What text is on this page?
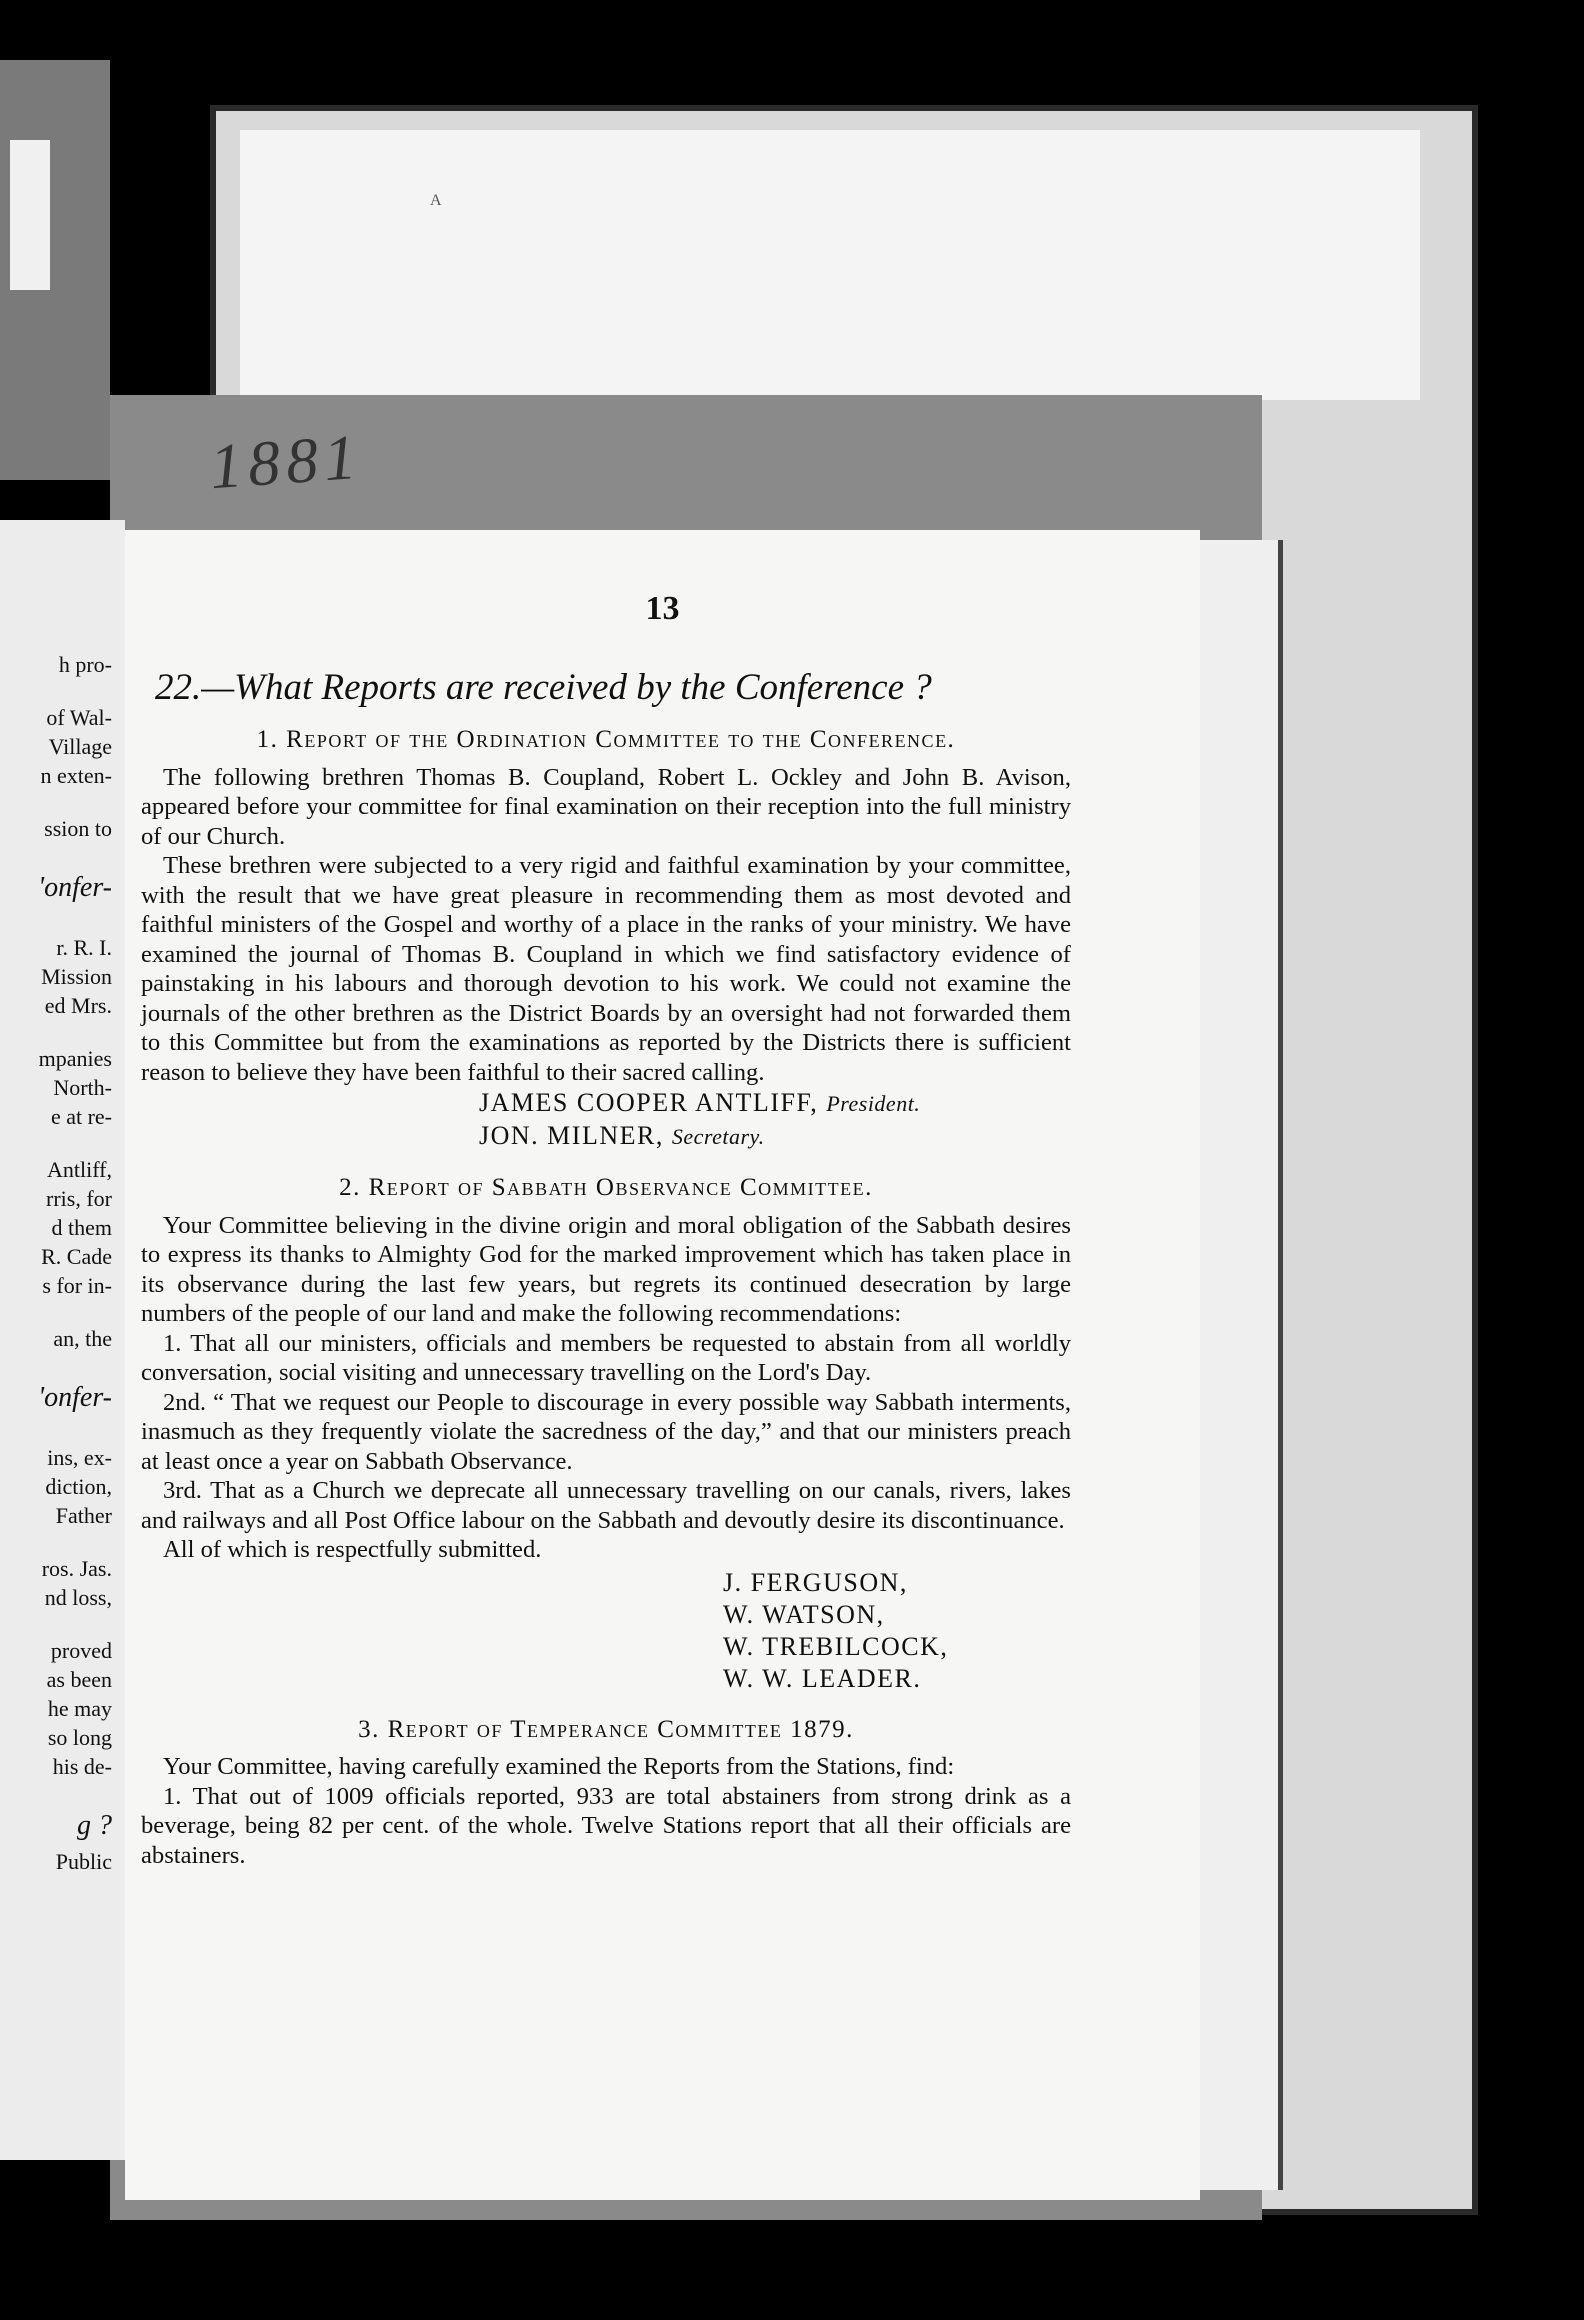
1881
A
h pro-
of Wal-
Village
n exten-
ssion to
'onfer-
r. R. I.
Mission
ed Mrs.
mpanies
North-
e at re-
Antliff,
rris, for
d them
R. Cade
s for in-
an, the
'onfer-
ins, ex-
diction,
Father
ros. Jas.
nd loss,
proved
as been
he may
so long
his de-
g ?
Public
13
22.—What Reports are received by the Conference ?
1. Report of the Ordination Committee to the Conference.

The following brethren Thomas B. Coupland, Robert L. Ockley and John B. Avison, appeared before your committee for final examination on their reception into the full ministry of our Church.

These brethren were subjected to a very rigid and faithful examination by your committee, with the result that we have great pleasure in recommending them as most devoted and faithful ministers of the Gospel and worthy of a place in the ranks of your ministry. We have examined the journal of Thomas B. Coupland in which we find satisfactory evidence of painstaking in his labours and thorough devotion to his work. We could not examine the journals of the other brethren as the District Boards by an oversight had not forwarded them to this Committee but from the examinations as reported by the Districts there is sufficient reason to believe they have been faithful to their sacred calling.

JAMES COOPER ANTLIFF, President.
JON. MILNER, Secretary.
2. Report of Sabbath Observance Committee.

Your Committee believing in the divine origin and moral obligation of the Sabbath desires to express its thanks to Almighty God for the marked improvement which has taken place in its observance during the last few years, but regrets its continued desecration by large numbers of the people of our land and make the following recommendations:

1. That all our ministers, officials and members be requested to abstain from all worldly conversation, social visiting and unnecessary travelling on the Lord's Day.

2nd. “ That we request our People to discourage in every possible way Sabbath interments, inasmuch as they frequently violate the sacredness of the day,” and that our ministers preach at least once a year on Sabbath Observance.

3rd. That as a Church we deprecate all unnecessary travelling on our canals, rivers, lakes and railways and all Post Office labour on the Sabbath and devoutly desire its discontinuance.

All of which is respectfully submitted.

J. FERGUSON,
W. WATSON,
W. TREBILCOCK,
W. W. LEADER.
3. Report of Temperance Committee 1879.

Your Committee, having carefully examined the Reports from the Stations, find:

1. That out of 1009 officials reported, 933 are total abstainers from strong drink as a beverage, being 82 per cent. of the whole. Twelve Stations report that all their officials are abstainers.
